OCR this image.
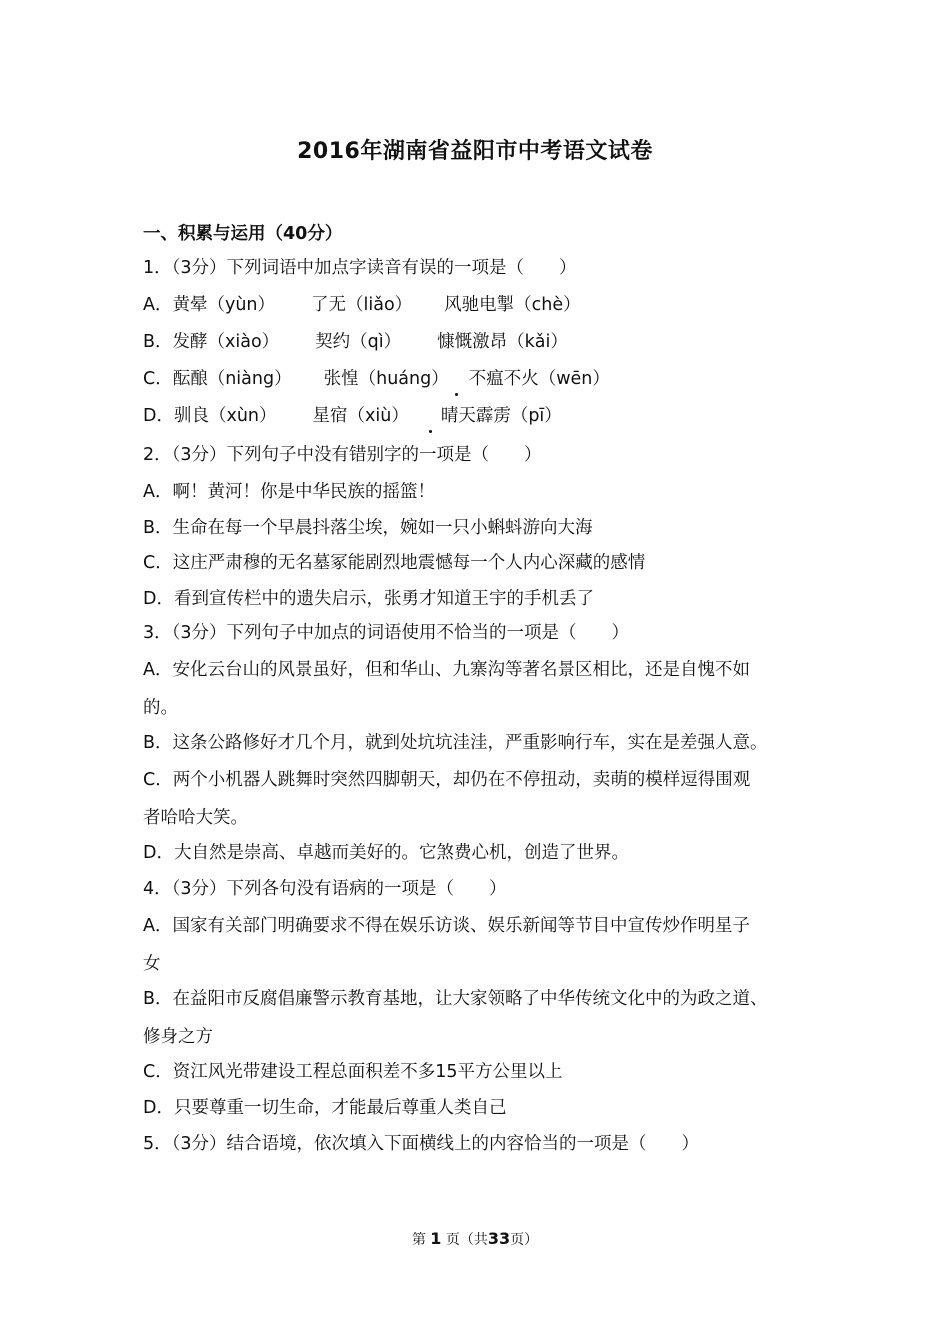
2016年湖南省益阳市中考语文试卷
一、积累与运用（40分）
1．（3分）下列词语中加点字读音有误的一项是（　　）
A．黄晕（yùn） 了无（liǎo） 风驰电掣（chè）
B．发酵（xiào） 契约（qì） 慷慨激昂（kǎi）
C．酝酿（niàng） 张惶（huáng） 不瘟不火（wēn）
D．驯良（xùn） 星宿（xiù） 晴天霹雳（pī）
2．（3分）下列句子中没有错别字的一项是（　　）
A．啊！黄河！你是中华民族的摇篮！
B．生命在每一个早晨抖落尘埃，婉如一只小蝌蚪游向大海
C．这庄严肃穆的无名墓冢能剧烈地震憾每一个人内心深藏的感情
D．看到宣传栏中的遗失启示，张勇才知道王宇的手机丢了
3．（3分）下列句子中加点的词语使用不恰当的一项是（　　）
A．安化云台山的风景虽好，但和华山、九寨沟等著名景区相比，还是自愧不如
的。
B．这条公路修好才几个月，就到处坑坑洼洼，严重影响行车，实在是差强人意。
C．两个小机器人跳舞时突然四脚朝天，却仍在不停扭动，卖萌的模样逗得围观
者哈哈大笑。
D．大自然是崇高、卓越而美好的。它煞费心机，创造了世界。
4．（3分）下列各句没有语病的一项是（　　）
A．国家有关部门明确要求不得在娱乐访谈、娱乐新闻等节目中宣传炒作明星子
女
B．在益阳市反腐倡廉警示教育基地，让大家领略了中华传统文化中的为政之道、
修身之方
C．资江风光带建设工程总面积差不多15平方公里以上
D．只要尊重一切生命，才能最后尊重人类自己
5．（3分）结合语境，依次填入下面横线上的内容恰当的一项是（　　）
第 1 页（共33页）
